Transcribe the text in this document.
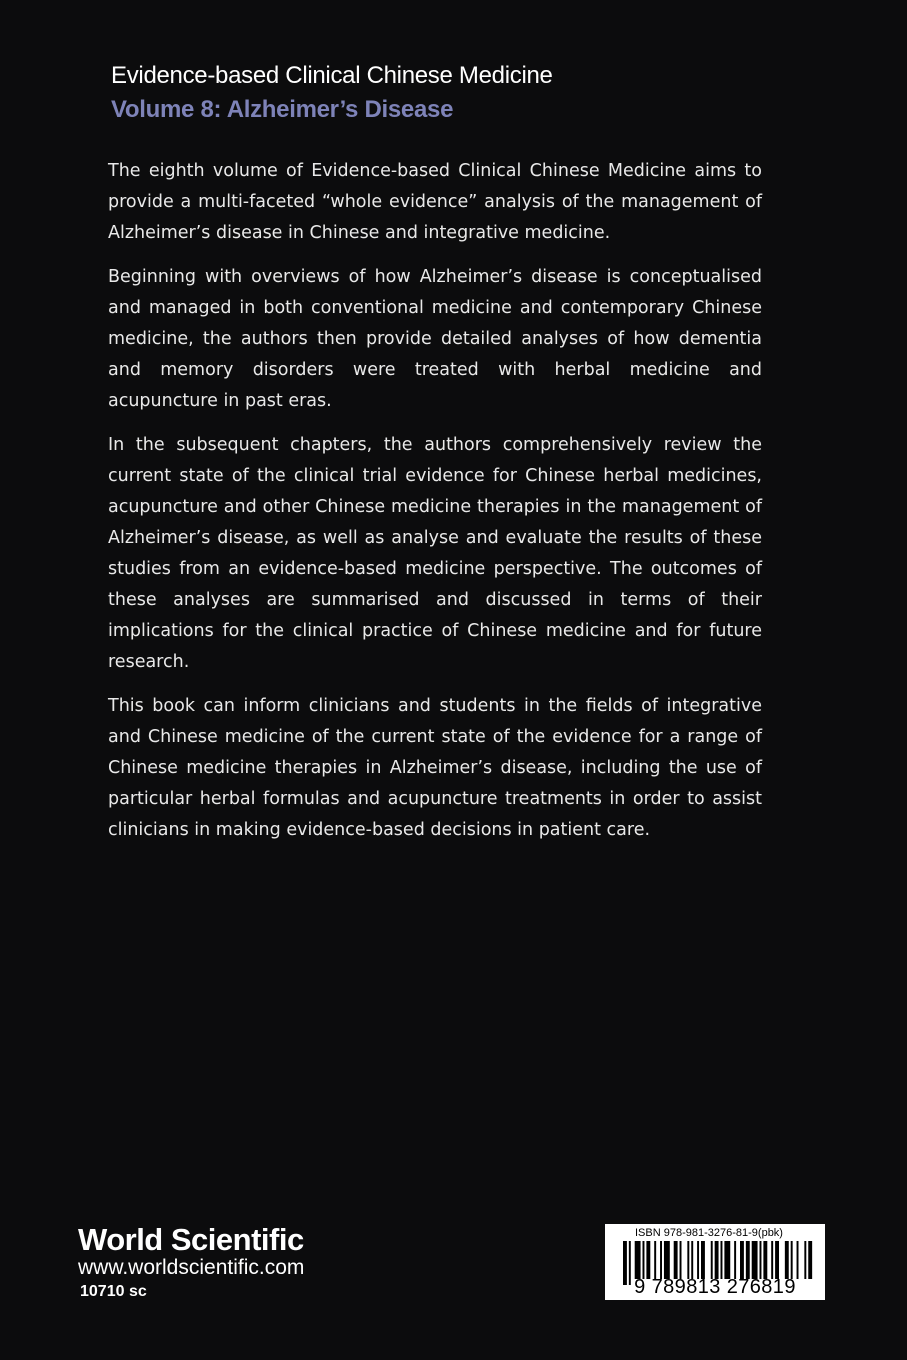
Evidence-based Clinical Chinese Medicine
Volume 8: Alzheimer’s Disease

The eighth volume of Evidence-based Clinical Chinese Medicine aims to provide a multi-faceted “whole evidence” analysis of the management of Alzheimer’s disease in Chinese and integrative medicine.

Beginning with overviews of how Alzheimer’s disease is conceptualised and managed in both conventional medicine and contemporary Chinese medicine, the authors then provide detailed analyses of how dementia and memory disorders were treated with herbal medicine and acupuncture in past eras.

In the subsequent chapters, the authors comprehensively review the current state of the clinical trial evidence for Chinese herbal medicines, acupuncture and other Chinese medicine therapies in the management of Alzheimer’s disease, as well as analyse and evaluate the results of these studies from an evidence-based medicine perspective. The outcomes of these analyses are summarised and discussed in terms of their implications for the clinical practice of Chinese medicine and for future research.

This book can inform clinicians and students in the fields of integrative and Chinese medicine of the current state of the evidence for a range of Chinese medicine therapies in Alzheimer’s disease, including the use of particular herbal formulas and acupuncture treatments in order to assist clinicians in making evidence-based decisions in patient care.

World Scientific
www.worldscientific.com
10710 sc
ISBN 978-981-3276-81-9(pbk)
9 789813 276819
